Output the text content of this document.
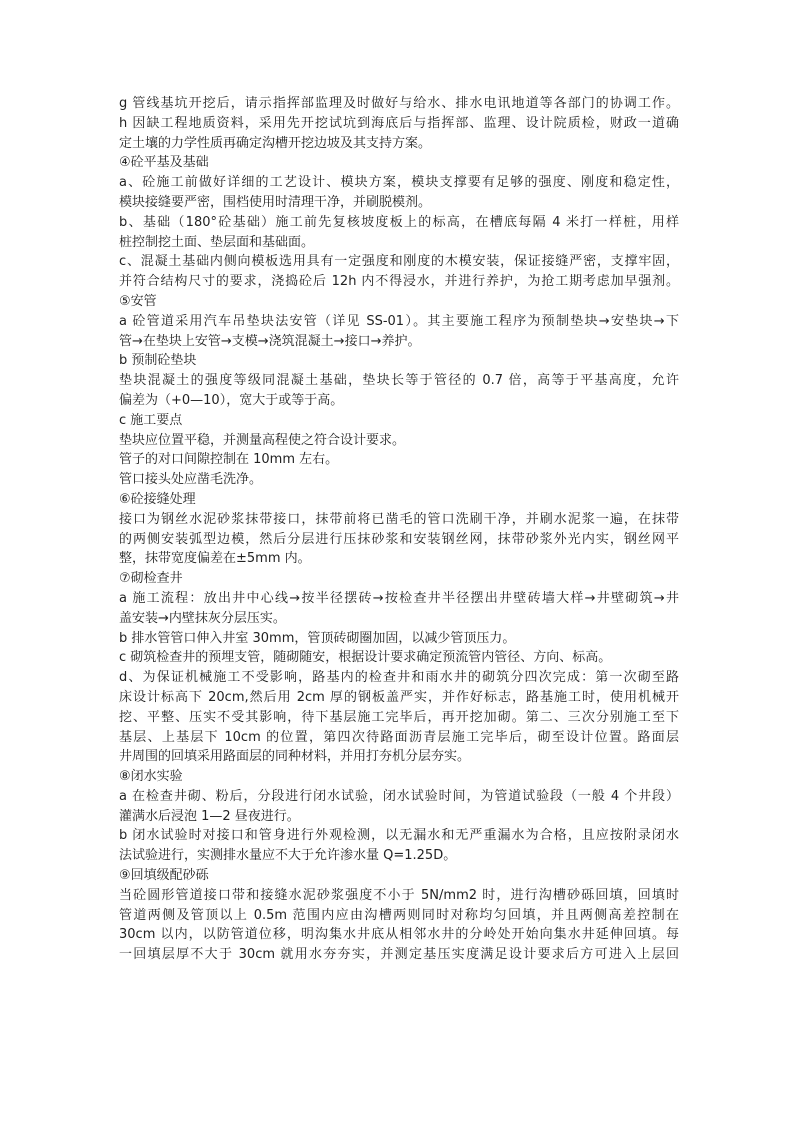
g 管线基坑开挖后，请示指挥部监理及时做好与给水、排水电讯地道等各部门的协调工作。
h 因缺工程地质资料，采用先开挖试坑到海底后与指挥部、监理、设计院质检，财政一道确
定土壤的力学性质再确定沟槽开挖边坡及其支持方案。
④砼平基及基础
a、砼施工前做好详细的工艺设计、模块方案，模块支撑要有足够的强度、刚度和稳定性，
模块接缝要严密，围档使用时清理干净，并刷脱模剂。
b、基础（180°砼基础）施工前先复核坡度板上的标高，在槽底每隔 4 米打一样桩，用样
桩控制挖土面、垫层面和基础面。
c、混凝土基础内侧向模板选用具有一定强度和刚度的木模安装，保证接缝严密，支撑牢固，
并符合结构尺寸的要求，浇捣砼后 12h 内不得浸水，并进行养护，为抢工期考虑加早强剂。
⑤安管
a 砼管道采用汽车吊垫块法安管（详见 SS-01）。其主要施工程序为预制垫块→安垫块→下
管→在垫块上安管→支模→浇筑混凝土→接口→养护。
b 预制砼垫块
垫块混凝土的强度等级同混凝土基础，垫块长等于管径的 0.7 倍，高等于平基高度，允许
偏差为（+0—10），宽大于或等于高。
c 施工要点
垫块应位置平稳，并测量高程使之符合设计要求。
管子的对口间隙控制在 10mm 左右。
管口接头处应凿毛洗净。
⑥砼接缝处理
接口为钢丝水泥砂浆抹带接口，抹带前将已凿毛的管口洗刷干净，并刷水泥浆一遍，在抹带
的两侧安装弧型边模，然后分层进行压抹砂浆和安装钢丝网，抹带砂浆外光内实，钢丝网平
整，抹带宽度偏差在±5mm 内。
⑦砌检查井
a 施工流程：放出井中心线→按半径摆砖→按检查井半径摆出井壁砖墙大样→井壁砌筑→井
盖安装→内壁抹灰分层压实。
b 排水管管口伸入井室 30mm，管顶砖砌圈加固，以减少管顶压力。
c 砌筑检查井的预埋支管，随砌随安，根据设计要求确定预流管内管径、方向、标高。
d、为保证机械施工不受影响，路基内的检查井和雨水井的砌筑分四次完成：第一次砌至路
床设计标高下 20cm,然后用 2cm 厚的钢板盖严实，并作好标志，路基施工时，使用机械开
挖、平整、压实不受其影响，待下基层施工完毕后，再开挖加砌。第二、三次分别施工至下
基层、上基层下 10cm 的位置，第四次待路面沥青层施工完毕后，砌至设计位置。路面层
井周围的回填采用路面层的同种材料，并用打夯机分层夯实。
⑧闭水实验
a 在检查井砌、粉后，分段进行闭水试验，闭水试验时间，为管道试验段（一般 4 个井段）
灌满水后浸泡 1—2 昼夜进行。
b 闭水试验时对接口和管身进行外观检测，以无漏水和无严重漏水为合格，且应按附录闭水
法试验进行，实测排水量应不大于允许渗水量 Q=1.25D。
⑨回填级配砂砾
当砼圆形管道接口带和接缝水泥砂浆强度不小于 5N/mm2 时，进行沟槽砂砾回填，回填时
管道两侧及管顶以上 0.5m 范围内应由沟槽两则同时对称均匀回填，并且两侧高差控制在
30cm 以内，以防管道位移，明沟集水井底从相邻水井的分岭处开始向集水井延伸回填。每
一回填层厚不大于 30cm 就用水夯夯实，并测定基压实度满足设计要求后方可进入上层回
